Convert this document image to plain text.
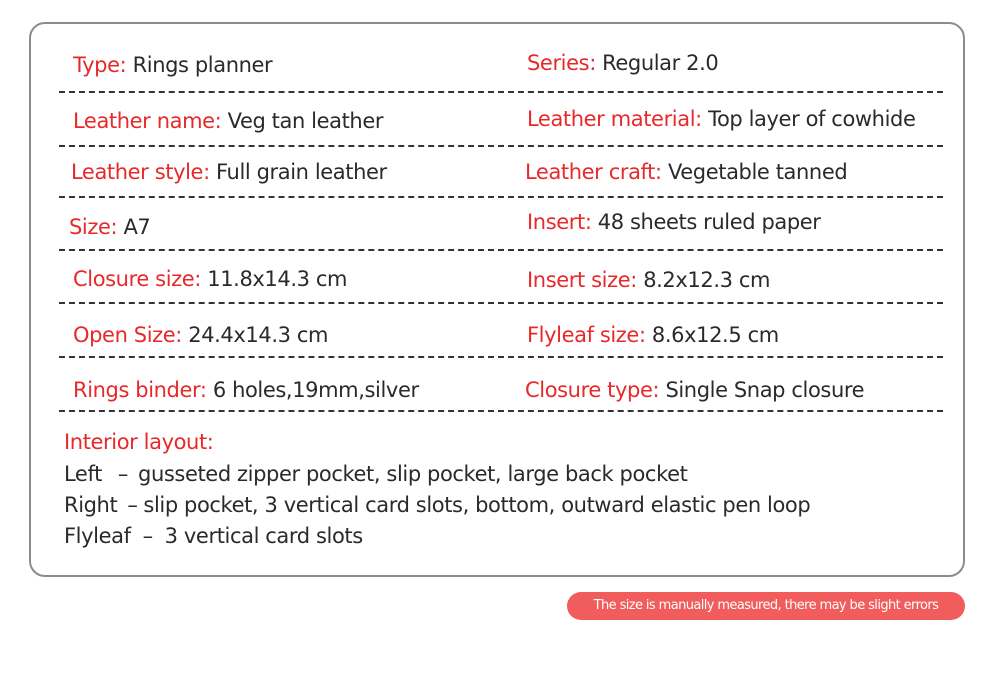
Type: Rings planner	Series: Regular 2.0
Leather name: Veg tan leather	Leather material: Top layer of cowhide
Leather style: Full grain leather	Leather craft: Vegetable tanned
Size: A7	Insert: 48 sheets ruled paper
Closure size: 11.8x14.3 cm	Insert size: 8.2x12.3 cm
Open Size: 24.4x14.3 cm	Flyleaf size: 8.6x12.5 cm
Rings binder: 6 holes,19mm,silver	Closure type: Single Snap closure
Interior layout:
Left – gusseted zipper pocket, slip pocket, large back pocket
Right – slip pocket, 3 vertical card slots, bottom, outward elastic pen loop
Flyleaf – 3 vertical card slots
The size is manually measured, there may be slight errors
